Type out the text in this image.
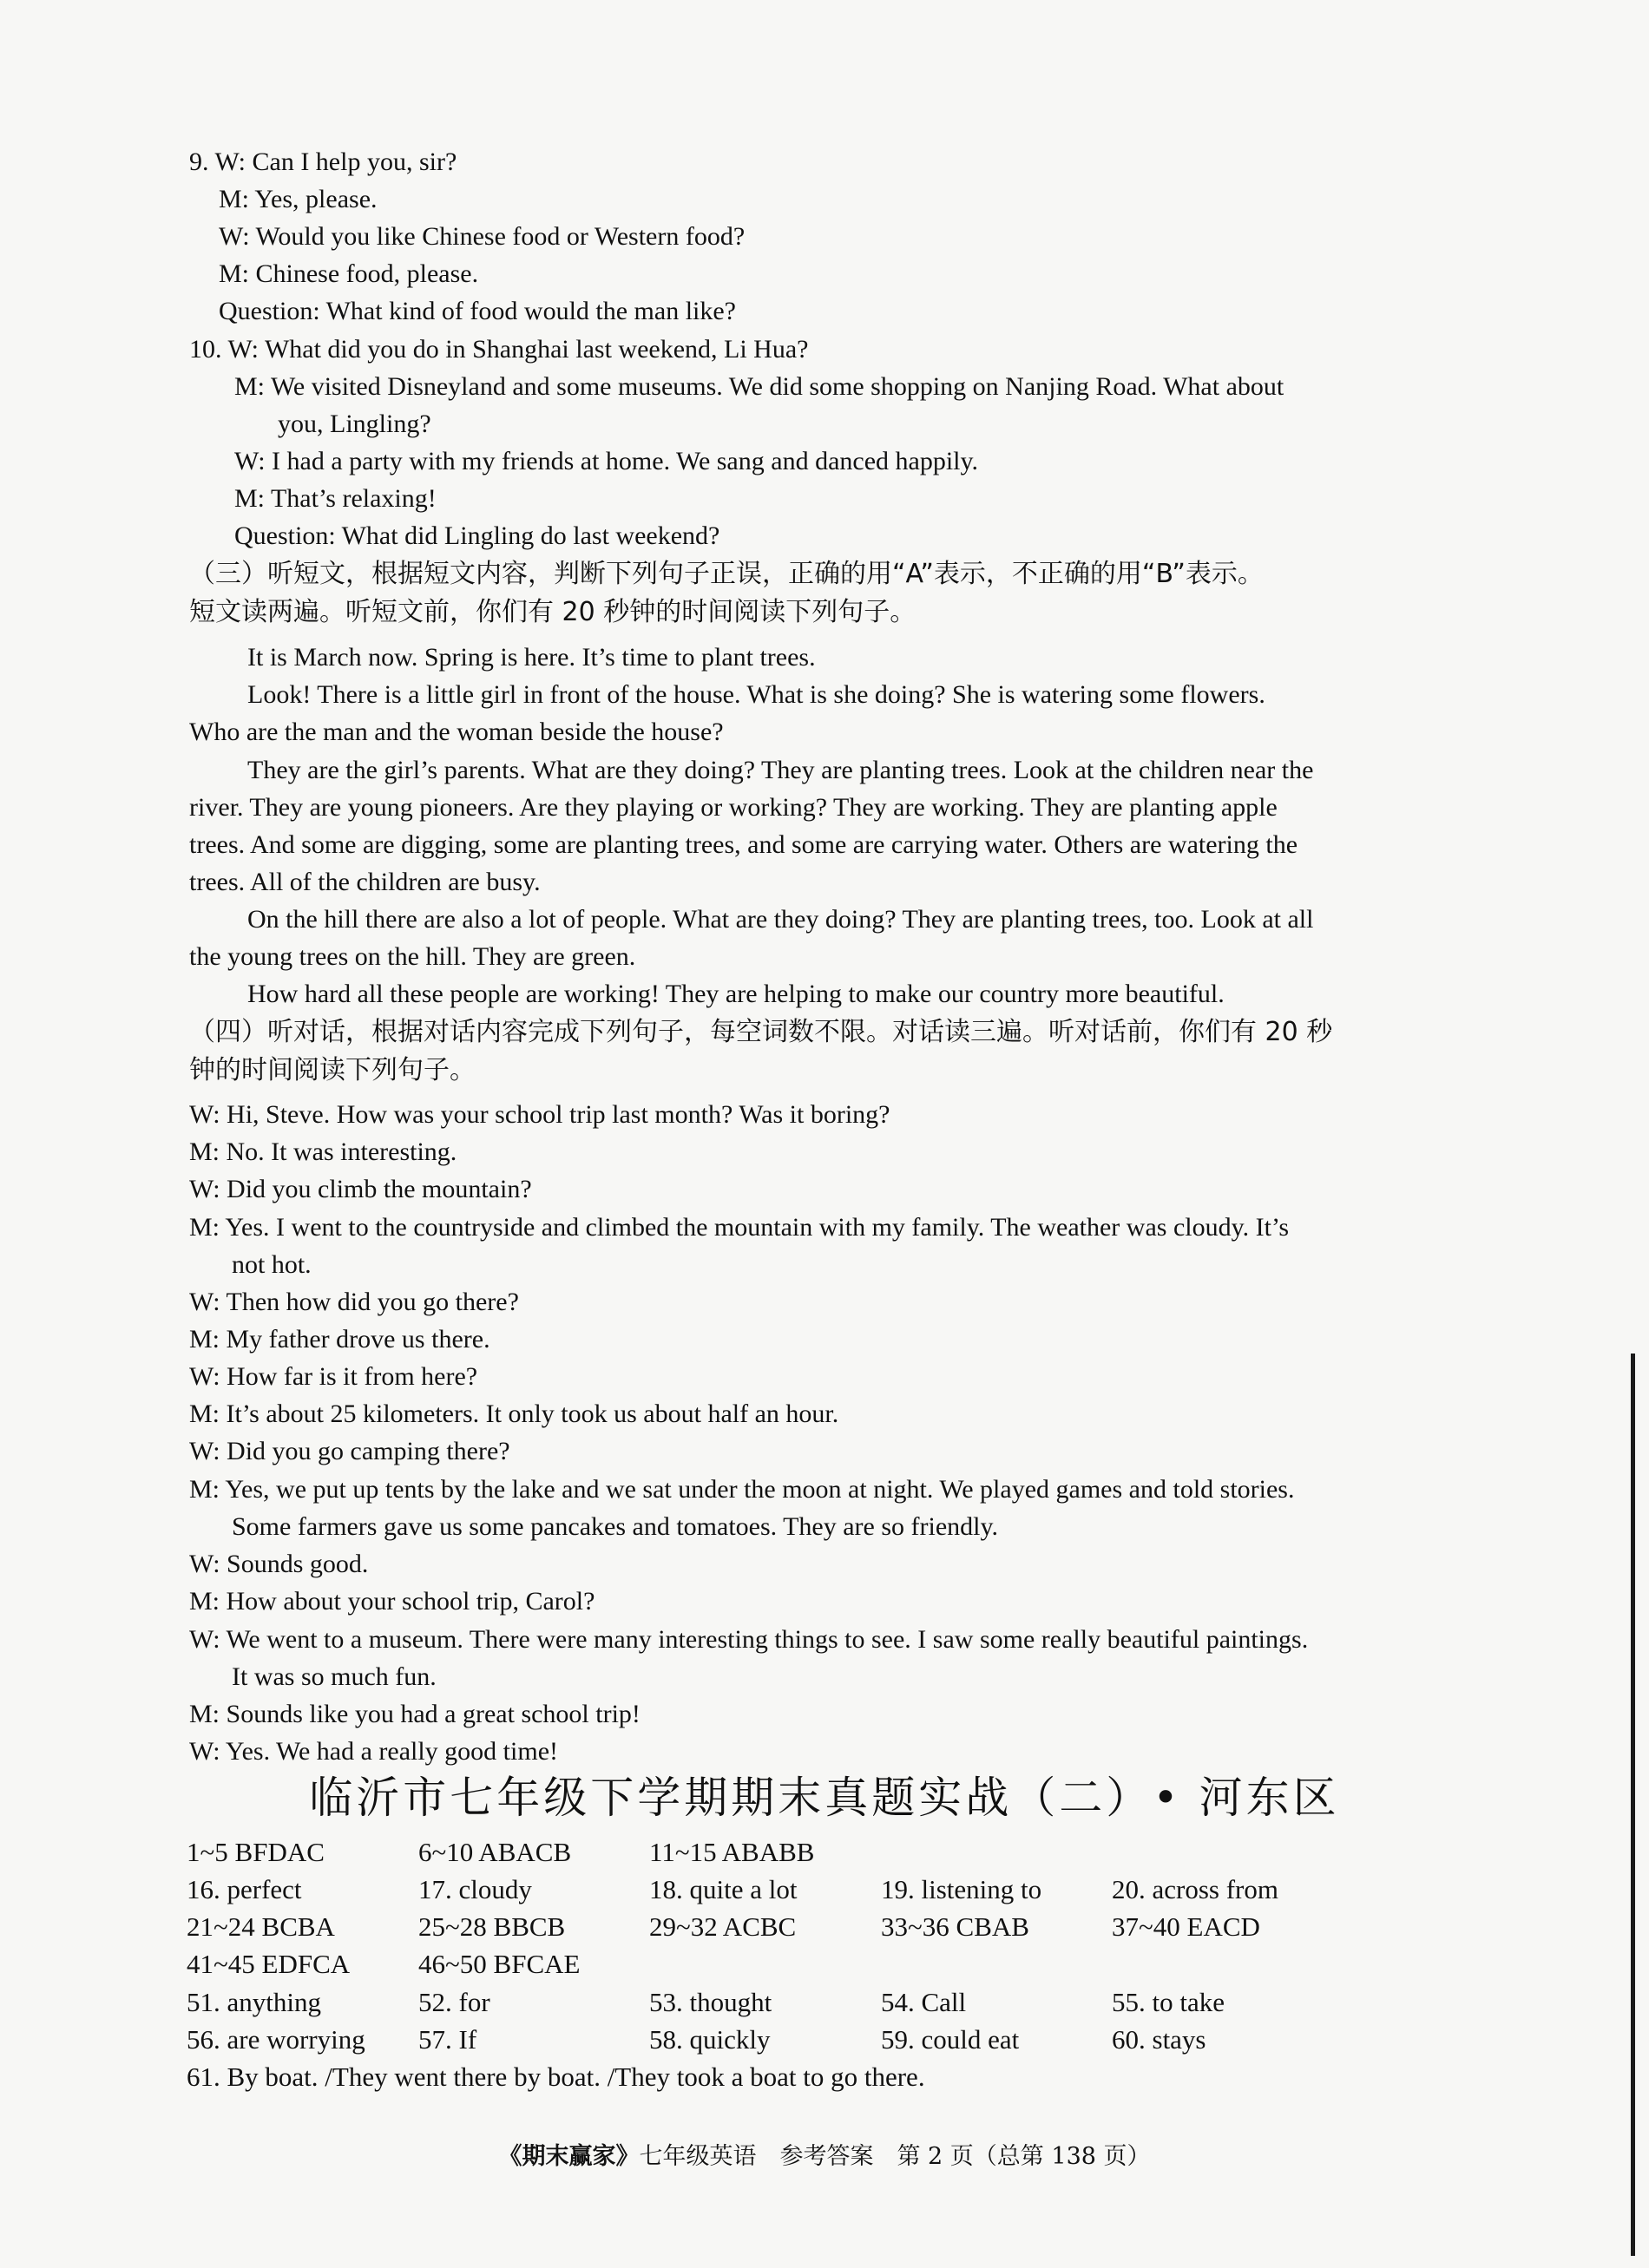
9. W: Can I help you, sir?
M: Yes, please.
W: Would you like Chinese food or Western food?
M: Chinese food, please.
Question: What kind of food would the man like?
10. W: What did you do in Shanghai last weekend, Li Hua?
M: We visited Disneyland and some museums. We did some shopping on Nanjing Road. What about
you, Lingling?
W: I had a party with my friends at home. We sang and danced happily.
M: That’s relaxing!
Question: What did Lingling do last weekend?
（三）听短文，根据短文内容，判断下列句子正误，正确的用“A”表示，不正确的用“B”表示。
短文读两遍。听短文前，你们有 20 秒钟的时间阅读下列句子。
It is March now. Spring is here. It’s time to plant trees.
Look! There is a little girl in front of the house. What is she doing? She is watering some flowers.
Who are the man and the woman beside the house?
They are the girl’s parents. What are they doing? They are planting trees. Look at the children near the
river. They are young pioneers. Are they playing or working? They are working. They are planting apple
trees. And some are digging, some are planting trees, and some are carrying water. Others are watering the
trees. All of the children are busy.
On the hill there are also a lot of people. What are they doing? They are planting trees, too. Look at all
the young trees on the hill. They are green.
How hard all these people are working! They are helping to make our country more beautiful.
（四）听对话，根据对话内容完成下列句子，每空词数不限。对话读三遍。听对话前，你们有 20 秒
钟的时间阅读下列句子。
W: Hi, Steve. How was your school trip last month? Was it boring?
M: No. It was interesting.
W: Did you climb the mountain?
M: Yes. I went to the countryside and climbed the mountain with my family. The weather was cloudy. It’s
not hot.
W: Then how did you go there?
M: My father drove us there.
W: How far is it from here?
M: It’s about 25 kilometers. It only took us about half an hour.
W: Did you go camping there?
M: Yes, we put up tents by the lake and we sat under the moon at night. We played games and told stories.
Some farmers gave us some pancakes and tomatoes. They are so friendly.
W: Sounds good.
M: How about your school trip, Carol?
W: We went to a museum. There were many interesting things to see. I saw some really beautiful paintings.
It was so much fun.
M: Sounds like you had a great school trip!
W: Yes. We had a really good time!
临沂市七年级下学期期末真题实战（二）• 河东区
1~5 BFDAC	6~10 ABACB	11~15 ABABB
16. perfect	17. cloudy	18. quite a lot	19. listening to	20. across from
21~24 BCBA	25~28 BBCB	29~32 ACBC	33~36 CBAB	37~40 EACD
41~45 EDFCA	46~50 BFCAE
51. anything	52. for	53. thought	54. Call	55. to take
56. are worrying 57. If	58. quickly	59. could eat	60. stays
61. By boat. /They went there by boat. /They took a boat to go there.
《期末赢家》七年级英语　参考答案　第 2 页（总第 138 页）
